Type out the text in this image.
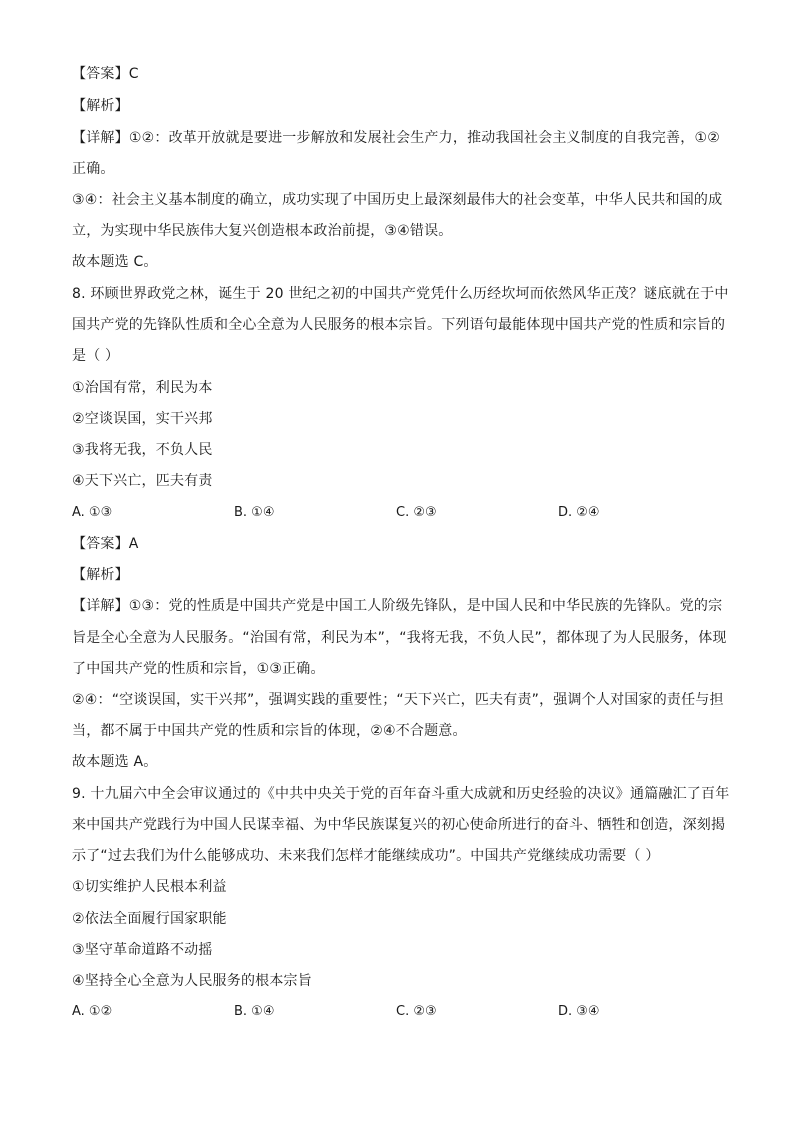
【答案】C
【解析】
【详解】①②：改革开放就是要进一步解放和发展社会生产力，推动我国社会主义制度的自我完善，①②
正确。
③④：社会主义基本制度的确立，成功实现了中国历史上最深刻最伟大的社会变革，中华人民共和国的成
立，为实现中华民族伟大复兴创造根本政治前提，③④错误。
故本题选 C。
8. 环顾世界政党之林，诞生于 20 世纪之初的中国共产党凭什么历经坎坷而依然风华正茂？谜底就在于中
国共产党的先锋队性质和全心全意为人民服务的根本宗旨。下列语句最能体现中国共产党的性质和宗旨的
是（ ）
①治国有常，利民为本
②空谈误国，实干兴邦
③我将无我，不负人民
④天下兴亡，匹夫有责
A. ①③	B. ①④	C. ②③	D. ②④
【答案】A
【解析】
【详解】①③：党的性质是中国共产党是中国工人阶级先锋队，是中国人民和中华民族的先锋队。党的宗
旨是全心全意为人民服务。“治国有常，利民为本”，“我将无我，不负人民”，都体现了为人民服务，体现
了中国共产党的性质和宗旨，①③正确。
②④：“空谈误国，实干兴邦”，强调实践的重要性；“天下兴亡，匹夫有责”，强调个人对国家的责任与担
当，都不属于中国共产党的性质和宗旨的体现，②④不合题意。
故本题选 A。
9. 十九届六中全会审议通过的《中共中央关于党的百年奋斗重大成就和历史经验的决议》通篇融汇了百年
来中国共产党践行为中国人民谋幸福、为中华民族谋复兴的初心使命所进行的奋斗、牺牲和创造，深刻揭
示了“过去我们为什么能够成功、未来我们怎样才能继续成功”。中国共产党继续成功需要（ ）
①切实维护人民根本利益
②依法全面履行国家职能
③坚守革命道路不动摇
④坚持全心全意为人民服务的根本宗旨
A. ①②	B. ①④	C. ②③	D. ③④
